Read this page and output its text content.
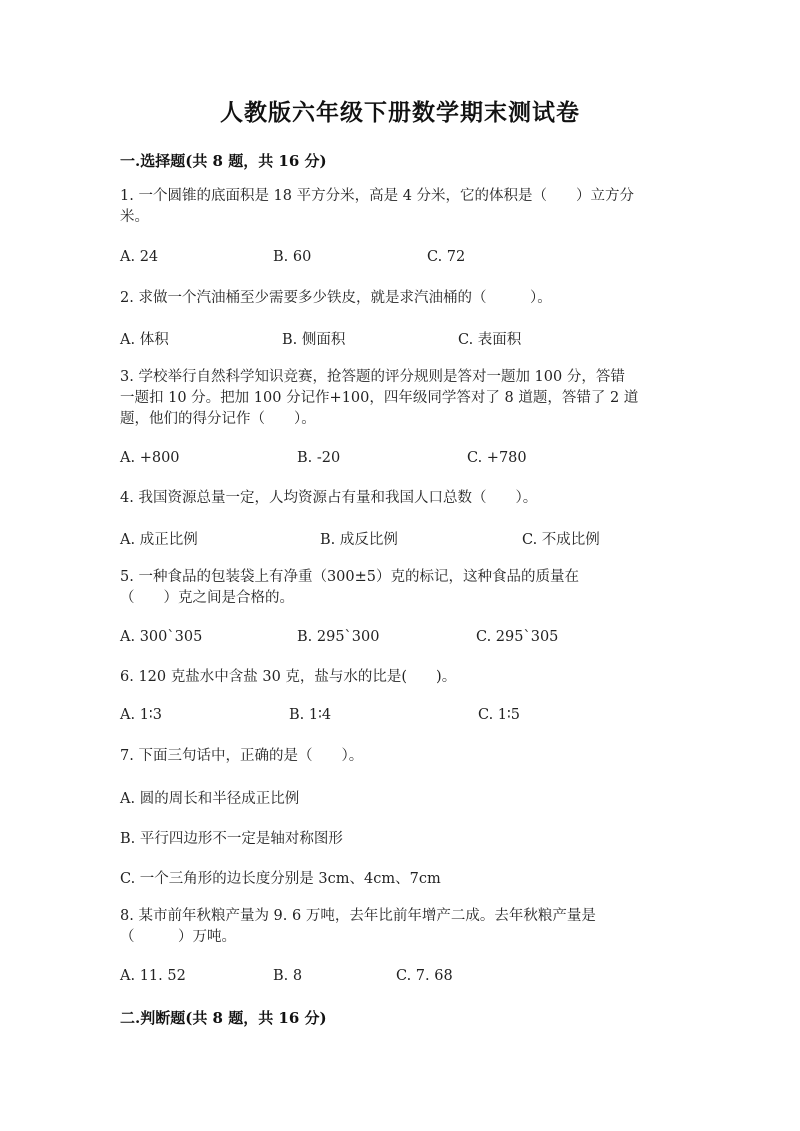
人教版六年级下册数学期末测试卷
一.选择题(共 8 题，共 16 分)
1. 一个圆锥的底面积是 18 平方分米，高是 4 分米，它的体积是（　　）立方分
米。
A. 24	B. 60	C. 72
2. 求做一个汽油桶至少需要多少铁皮，就是求汽油桶的（　　　）。
A. 体积	B. 侧面积	C. 表面积
3. 学校举行自然科学知识竞赛，抢答题的评分规则是答对一题加 100 分，答错
一题扣 10 分。把加 100 分记作+100，四年级同学答对了 8 道题，答错了 2 道
题，他们的得分记作（　　）。
A. +800	B. -20	C. +780
4. 我国资源总量一定，人均资源占有量和我国人口总数（　　）。
A. 成正比例	B. 成反比例	C. 不成比例
5. 一种食品的包装袋上有净重（300±5）克的标记，这种食品的质量在
（　　）克之间是合格的。
A. 300`305	B. 295`300	C. 295`305
6. 120 克盐水中含盐 30 克，盐与水的比是(　　)。
A. 1∶3	B. 1∶4	C. 1∶5
7. 下面三句话中，正确的是（　　）。
A. 圆的周长和半径成正比例
B. 平行四边形不一定是轴对称图形
C. 一个三角形的边长度分别是 3cm、4cm、7cm
8. 某市前年秋粮产量为 9. 6 万吨，去年比前年增产二成。去年秋粮产量是
（　　　）万吨。
A. 11. 52	B. 8	C. 7. 68
二.判断题(共 8 题，共 16 分)
